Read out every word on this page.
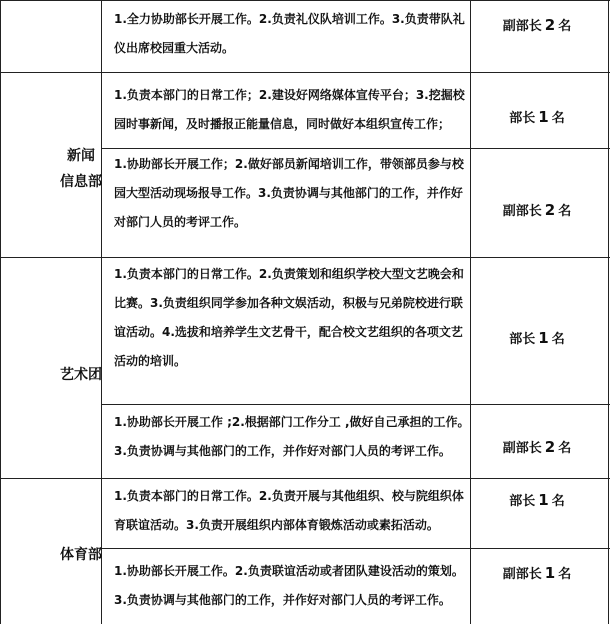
新闻
信息部
艺术团
体育部
1.全力协助部长开展工作。2.负责礼仪队培训工作。3.负责带队礼
仪出席校园重大活动。
副部长 2 名
1.负责本部门的日常工作；2.建设好网络媒体宣传平台；3.挖掘校
园时事新闻，及时播报正能量信息，同时做好本组织宣传工作；	部长 1 名
1.协助部长开展工作；2.做好部员新闻培训工作，带领部员参与校
园大型活动现场报导工作。3.负责协调与其他部门的工作，并作好
对部门人员的考评工作。
副部长 2 名
1.负责本部门的日常工作。2.负责策划和组织学校大型文艺晚会和
比赛。3.负责组织同学参加各种文娱活动，积极与兄弟院校进行联
谊活动。4.选拔和培养学生文艺骨干，配合校文艺组织的各项文艺
活动的培训。
部长 1 名
1.协助部长开展工作 ;2.根据部门工作分工 ,做好自己承担的工作。
3.负责协调与其他部门的工作，并作好对部门人员的考评工作。	副部长 2 名
1.负责本部门的日常工作。2.负责开展与其他组织、校与院组织体
育联谊活动。3.负责开展组织内部体育锻炼活动或素拓活动。
部长 1 名
1.协助部长开展工作。2.负责联谊活动或者团队建设活动的策划。
3.负责协调与其他部门的工作，并作好对部门人员的考评工作。
副部长 1 名
